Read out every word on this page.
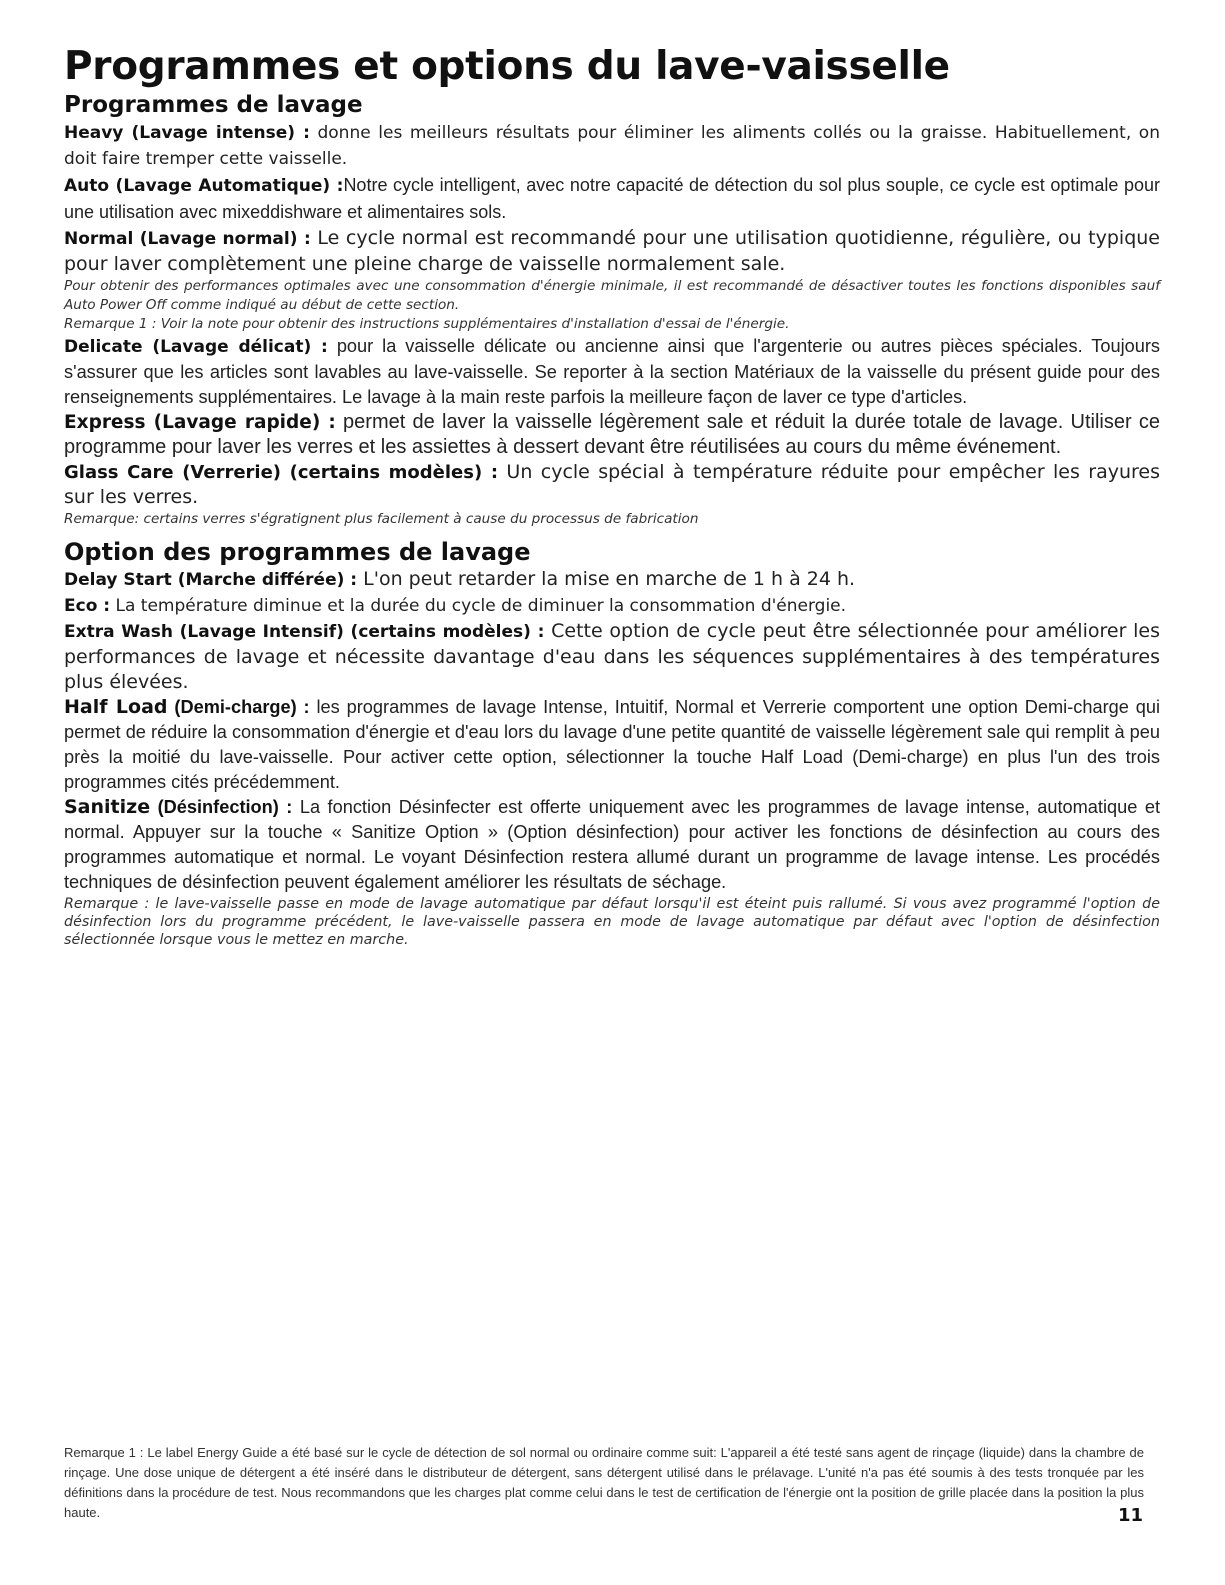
Programmes et options du lave-vaisselle
Programmes de lavage

Heavy (Lavage intense) : donne les meilleurs résultats pour éliminer les aliments collés ou la graisse. Habituellement, on doit faire tremper cette vaisselle.

Auto (Lavage Automatique) :Notre cycle intelligent, avec notre capacité de détection du sol plus souple, ce cycle est optimale pour une utilisation avec mixeddishware et alimentaires sols.

Normal (Lavage normal) : Le cycle normal est recommandé pour une utilisation quotidienne, régulière, ou typique pour laver complètement une pleine charge de vaisselle normalement sale.

Pour obtenir des performances optimales avec une consommation d'énergie minimale, il est recommandé de désactiver toutes les fonctions disponibles sauf Auto Power Off comme indiqué au début de cette section.

Remarque 1 : Voir la note pour obtenir des instructions supplémentaires d'installation d'essai de l'énergie.

Delicate (Lavage délicat) : pour la vaisselle délicate ou ancienne ainsi que l'argenterie ou autres pièces spéciales. Toujours s'assurer que les articles sont lavables au lave-vaisselle. Se reporter à la section Matériaux de la vaisselle du présent guide pour des renseignements supplémentaires. Le lavage à la main reste parfois la meilleure façon de laver ce type d'articles.

Express (Lavage rapide) : permet de laver la vaisselle légèrement sale et réduit la durée totale de lavage. Utiliser ce programme pour laver les verres et les assiettes à dessert devant être réutilisées au cours du même événement.

Glass Care (Verrerie) (certains modèles) : Un cycle spécial à température réduite pour empêcher les rayures sur les verres.

Remarque: certains verres s'égratignent plus facilement à cause du processus de fabrication

Option des programmes de lavage

Delay Start (Marche différée) : L'on peut retarder la mise en marche de 1 h à 24 h.

Eco : La température diminue et la durée du cycle de diminuer la consommation d'énergie.

Extra Wash (Lavage Intensif) (certains modèles) : Cette option de cycle peut être sélectionnée pour améliorer les performances de lavage et nécessite davantage d'eau dans les séquences supplémentaires à des températures plus élevées.

Half Load (Demi-charge) : les programmes de lavage Intense, Intuitif, Normal et Verrerie comportent une option Demi-charge qui permet de réduire la consommation d'énergie et d'eau lors du lavage d'une petite quantité de vaisselle légèrement sale qui remplit à peu près la moitié du lave-vaisselle. Pour activer cette option, sélectionner la touche Half Load (Demi-charge) en plus l'un des trois programmes cités précédemment.

Sanitize (Désinfection) : La fonction Désinfecter est offerte uniquement avec les programmes de lavage intense, automatique et normal. Appuyer sur la touche « Sanitize Option » (Option désinfection) pour activer les fonctions de désinfection au cours des programmes automatique et normal. Le voyant Désinfection restera allumé durant un programme de lavage intense. Les procédés techniques de désinfection peuvent également améliorer les résultats de séchage.

Remarque : le lave-vaisselle passe en mode de lavage automatique par défaut lorsqu'il est éteint puis rallumé. Si vous avez programmé l'option de désinfection lors du programme précédent, le lave-vaisselle passera en mode de lavage automatique par défaut avec l'option de désinfection sélectionnée lorsque vous le mettez en marche.

Remarque 1 : Le label Energy Guide a été basé sur le cycle de détection de sol normal ou ordinaire comme suit: L'appareil a été testé sans agent de rinçage (liquide) dans la chambre de rinçage. Une dose unique de détergent a été inséré dans le distributeur de détergent, sans détergent utilisé dans le prélavage. L'unité n'a pas été soumis à des tests tronquée par les définitions dans la procédure de test. Nous recommandons que les charges plat comme celui dans le test de certification de l'énergie ont la position de grille placée dans la position la plus haute.	11
